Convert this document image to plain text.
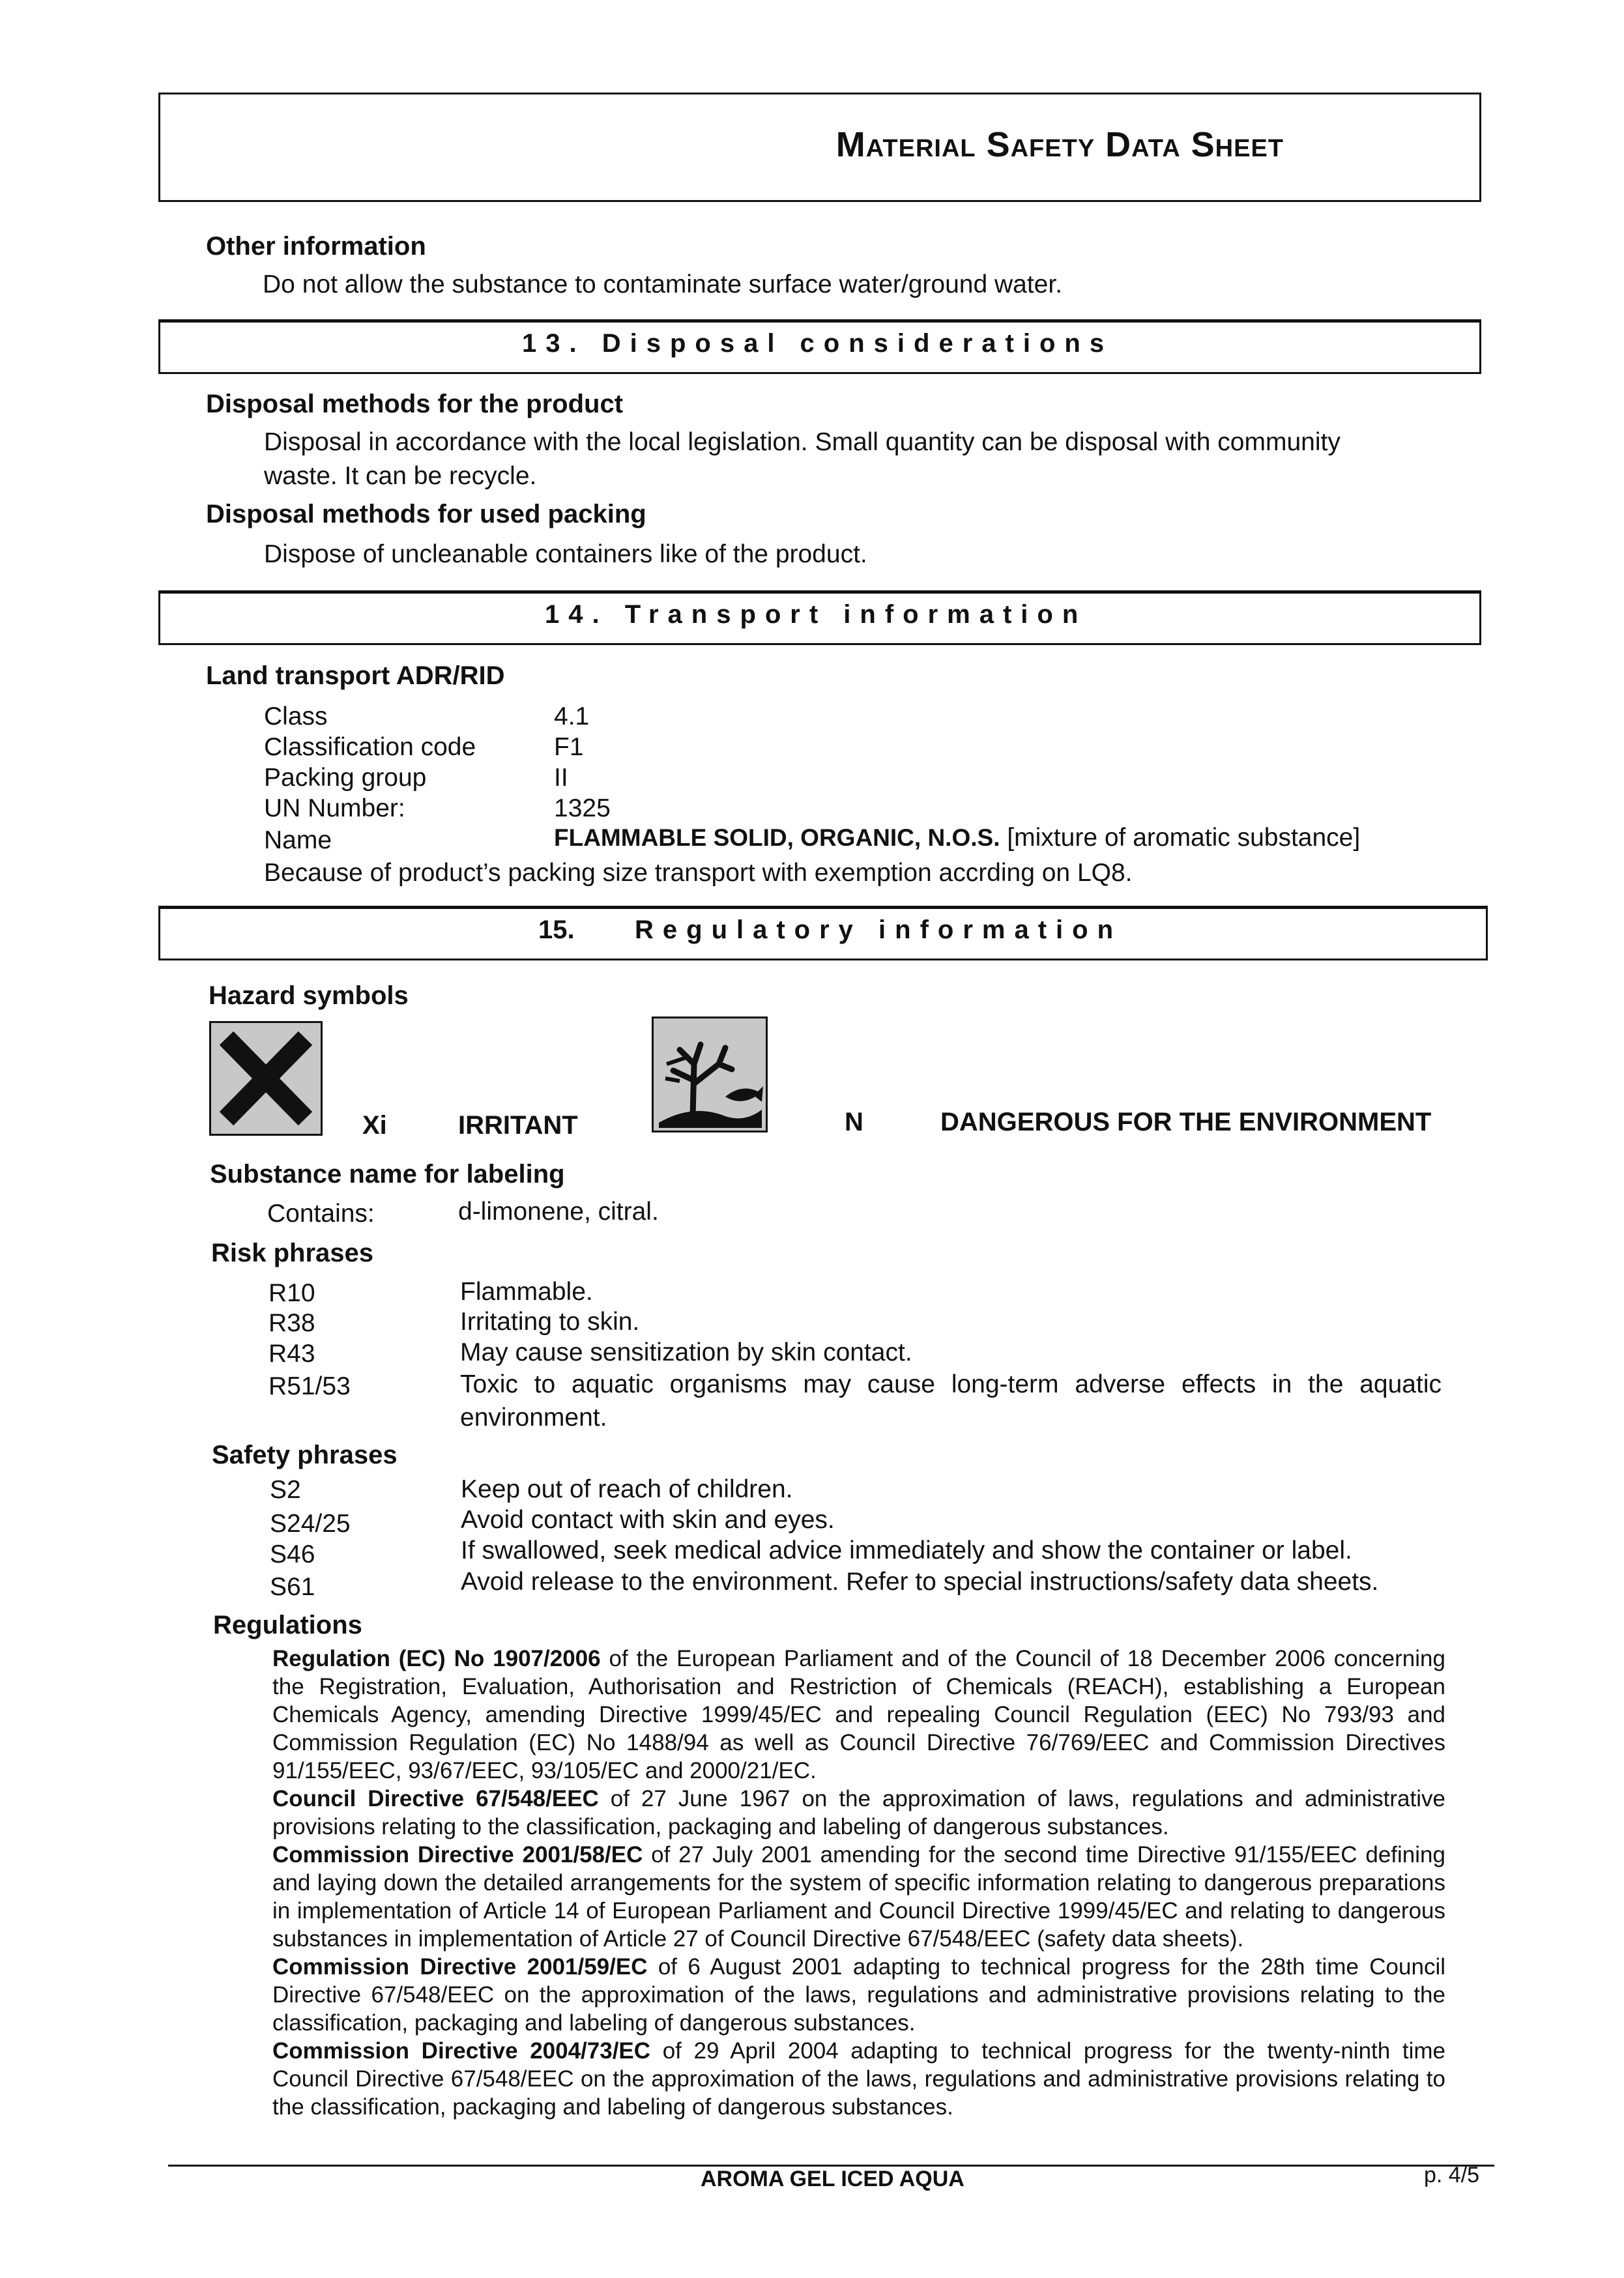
Material Safety Data Sheet
Other information
Do not allow the substance to contaminate surface water/ground water.
13. Disposal considerations
Disposal methods for the product
Disposal in accordance with the local legislation. Small quantity can be disposal with community
waste. It can be recycle.
Disposal methods for used packing
Dispose of uncleanable containers like of the product.
14. Transport information
Land transport ADR/RID
Class	4.1
Classification code	F1
Packing group	II
UN Number:	1325
Name	FLAMMABLE SOLID, ORGANIC, N.O.S. [mixture of aromatic substance]
Because of product’s packing size transport with exemption accrding on LQ8.
15. Regulatory information
Hazard symbols
Xi	IRRITANT	N	DANGEROUS FOR THE ENVIRONMENT
Substance name for labeling
Contains:	d-limonene, citral.
Risk phrases
R10	Flammable.
R38	Irritating to skin.
R43	May cause sensitization by skin contact.
R51/53	Toxic to aquatic organisms may cause long-term adverse effects in the aquatic environment.
Safety phrases
S2	Keep out of reach of children.
S24/25	Avoid contact with skin and eyes.
S46	If swallowed, seek medical advice immediately and show the container or label.
S61	Avoid release to the environment. Refer to special instructions/safety data sheets.
Regulations
Regulation (EC) No 1907/2006 of the European Parliament and of the Council of 18 December 2006 concerning the Registration, Evaluation, Authorisation and Restriction of Chemicals (REACH), establishing a European Chemicals Agency, amending Directive 1999/45/EC and repealing Council Regulation (EEC) No 793/93 and Commission Regulation (EC) No 1488/94 as well as Council Directive 76/769/EEC and Commission Directives 91/155/EEC, 93/67/EEC, 93/105/EC and 2000/21/EC.
Council Directive 67/548/EEC of 27 June 1967 on the approximation of laws, regulations and administrative provisions relating to the classification, packaging and labeling of dangerous substances.
Commission Directive 2001/58/EC of 27 July 2001 amending for the second time Directive 91/155/EEC defining and laying down the detailed arrangements for the system of specific information relating to dangerous preparations in implementation of Article 14 of European Parliament and Council Directive 1999/45/EC and relating to dangerous substances in implementation of Article 27 of Council Directive 67/548/EEC (safety data sheets).
Commission Directive 2001/59/EC of 6 August 2001 adapting to technical progress for the 28th time Council Directive 67/548/EEC on the approximation of the laws, regulations and administrative provisions relating to the classification, packaging and labeling of dangerous substances.
Commission Directive 2004/73/EC of 29 April 2004 adapting to technical progress for the twenty-ninth time Council Directive 67/548/EEC on the approximation of the laws, regulations and administrative provisions relating to the classification, packaging and labeling of dangerous substances.
AROMA GEL ICED AQUA	p. 4/5
